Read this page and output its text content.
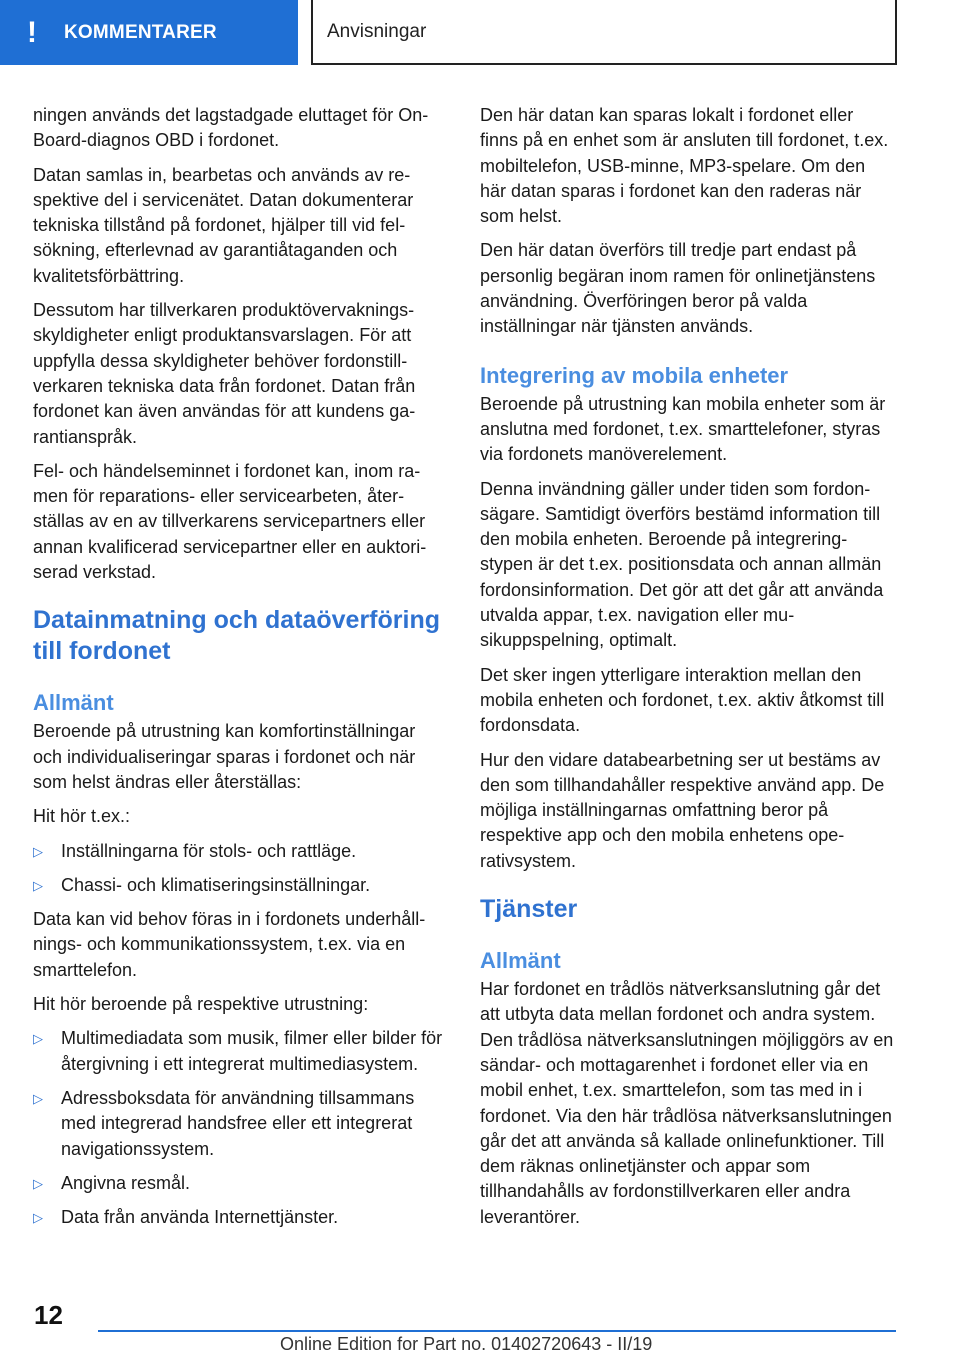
!	KOMMENTARER	Anvisningar

ningen används det lagstadgade eluttaget för On-Board-diagnos OBD i fordonet.

Datan samlas in, bearbetas och används av respektive del i servicenätet. Datan dokumenterar tekniska tillstånd på fordonet, hjälper till vid felsökning, efterlevnad av garantiåtaganden och kvalitetsförbättring.

Dessutom har tillverkaren produktövervakningsskyldigheter enligt produktansvarslagen. För att uppfylla dessa skyldigheter behöver fordonstillverkaren tekniska data från fordonet. Datan från fordonet kan även användas för att kundens garantianspråk.

Fel- och händelseminnet i fordonet kan, inom ramen för reparations- eller servicearbeten, återställas av en av tillverkarens servicepartners eller annan kvalificerad servicepartner eller en auktoriserad verkstad.

Datainmatning och dataöverföring till fordonet
Allmänt

Beroende på utrustning kan komfortinställningar och individualiseringar sparas i fordonet och när som helst ändras eller återställas:

Hit hör t.ex.:

▷ Inställningarna för stols- och rattläge.
▷ Chassi- och klimatiseringsinställningar.

Data kan vid behov föras in i fordonets underhållnings- och kommunikationssystem, t.ex. via en smarttelefon.

Hit hör beroende på respektive utrustning:

▷ Multimediadata som musik, filmer eller bilder för återgivning i ett integrerat multimediasystem.
▷ Adressboksdata för användning tillsammans med integrerad handsfree eller ett integrerat navigationssystem.
▷ Angivna resmål.
▷ Data från använda Internettjänster.

Den här datan kan sparas lokalt i fordonet eller finns på en enhet som är ansluten till fordonet, t.ex. mobiltelefon, USB-minne, MP3-spelare. Om den här datan sparas i fordonet kan den raderas när som helst.

Den här datan överförs till tredje part endast på personlig begäran inom ramen för onlinetjänstens användning. Överföringen beror på valda inställningar när tjänsten används.

Integrering av mobila enheter

Beroende på utrustning kan mobila enheter som är anslutna med fordonet, t.ex. smarttelefoner, styras via fordonets manöverelement.

Denna invändning gäller under tiden som fordonsägare. Samtidigt överförs bestämd information till den mobila enheten. Beroende på integreringstypen är det t.ex. positionsdata och annan allmän fordonsinformation. Det gör att det går att använda utvalda appar, t.ex. navigation eller musikuppspelning, optimalt.

Det sker ingen ytterligare interaktion mellan den mobila enheten och fordonet, t.ex. aktiv åtkomst till fordonsdata.

Hur den vidare databearbetning ser ut bestäms av den som tillhandahåller respektive använd app. De möjliga inställningarnas omfattning beror på respektive app och den mobila enhetens operativsystem.

Tjänster
Allmänt

Har fordonet en trådlös nätverksanslutning går det att utbyta data mellan fordonet och andra system. Den trådlösa nätverksanslutningen möjliggörs av en sändar- och mottagarenhet i fordonet eller via en mobil enhet, t.ex. smarttelefon, som tas med in i fordonet. Via den här trådlösa nätverksanslutningen går det att använda så kallade onlinefunktioner. Till dem räknas onlinetjänster och appar som tillhandahålls av fordonstillverkaren eller andra leverantörer.

12
Online Edition for Part no. 01402720643 - II/19
